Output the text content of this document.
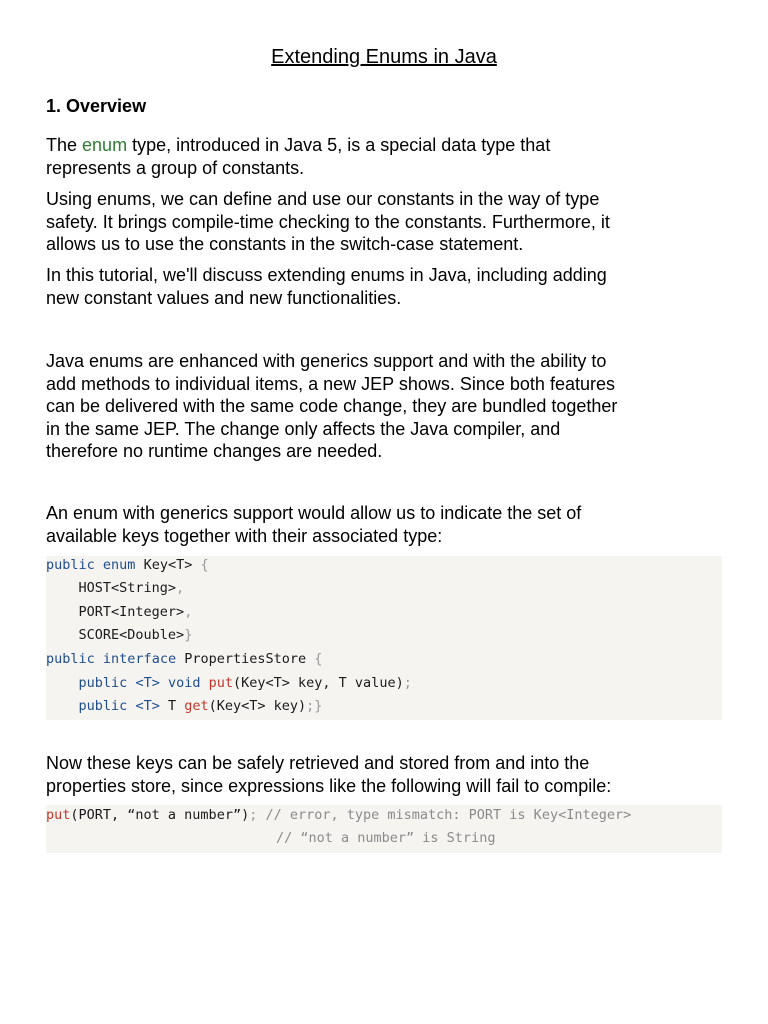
Extending Enums in Java
1. Overview
The enum type, introduced in Java 5, is a special data type that
represents a group of constants.
Using enums, we can define and use our constants in the way of type
safety. It brings compile-time checking to the constants. Furthermore, it
allows us to use the constants in the switch-case statement.
In this tutorial, we'll discuss extending enums in Java, including adding
new constant values and new functionalities.
Java enums are enhanced with generics support and with the ability to
add methods to individual items, a new JEP shows. Since both features
can be delivered with the same code change, they are bundled together
in the same JEP. The change only affects the Java compiler, and
therefore no runtime changes are needed.
An enum with generics support would allow us to indicate the set of
available keys together with their associated type:
public enum Key<T> {
HOST<String>,
PORT<Integer>,
SCORE<Double>}
public interface PropertiesStore {
public <T> void put(Key<T> key, T value);
public <T> T get(Key<T> key);}
Now these keys can be safely retrieved and stored from and into the
properties store, since expressions like the following will fail to compile:
put(PORT, “not a number”); // error, type mismatch: PORT is Key<Integer>
// “not a number” is String
